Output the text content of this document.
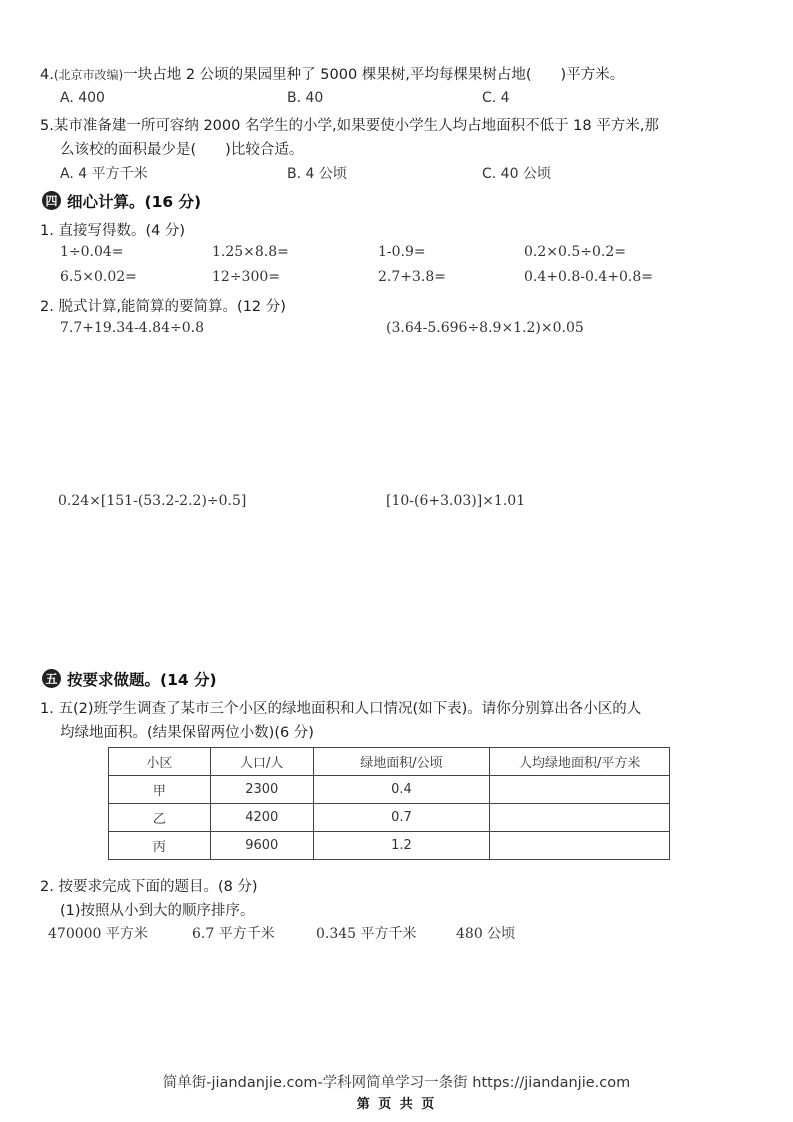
4.(北京市改编)一块占地 2 公顷的果园里种了 5000 棵果树,平均每棵果树占地(　　)平方米。
A. 400	B. 40	C. 4
5.某市准备建一所可容纳 2000 名学生的小学,如果要使小学生人均占地面积不低于 18 平方米,那
么该校的面积最少是(　　)比较合适。
A. 4 平方千米	B. 4 公顷	C. 40 公顷
四 细心计算。(16 分)
1. 直接写得数。(4 分)
1÷0.04=	1.25×8.8=	1-0.9=	0.2×0.5÷0.2=
6.5×0.02=	12÷300=	2.7+3.8=	0.4+0.8-0.4+0.8=
2. 脱式计算,能简算的要简算。(12 分)
7.7+19.34-4.84÷0.8	(3.64-5.696÷8.9×1.2)×0.05
0.24×[151-(53.2-2.2)÷0.5]	[10-(6+3.03)]×1.01
五 按要求做题。(14 分)
1. 五(2)班学生调查了某市三个小区的绿地面积和人口情况(如下表)。请你分别算出各小区的人
均绿地面积。(结果保留两位小数)(6 分)
小区	人口/人	绿地面积/公顷	人均绿地面积/平方米
甲	2300	0.4	
乙	4200	0.7	
丙	9600	1.2	
2. 按要求完成下面的题目。(8 分)
(1)按照从小到大的顺序排序。
470000 平方米	6.7 平方千米	0.345 平方千米	480 公顷
简单街-jiandanjie.com-学科网简单学习一条街 https://jiandanjie.com
第 页 共 页
